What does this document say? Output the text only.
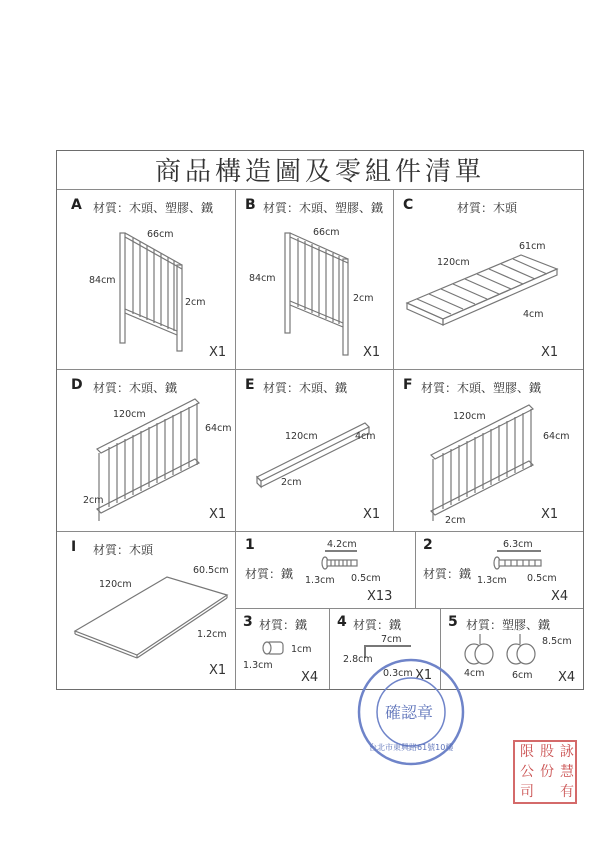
商品構造圖及零組件清單
A 材質：木頭、塑膠、鐵
66cm
84cm
2cm
X1
B 材質：木頭、塑膠、鐵
66cm
84cm
2cm
X1
C	材質：木頭
61cm
120cm
4cm
X1
D 材質：木頭、鐵
120cm
64cm
2cm
X1
E 材質：木頭、鐵
120cm	4cm
2cm
X1
F 材質：木頭、塑膠、鐵
120cm
64cm
2cm	X1
I 材質：木頭
60.5cm
120cm
1.2cm
X1
1
材質：鐵
4.2cm
1.3cm 0.5cm
X13
2
材質：鐵
6.3cm
1.3cm 0.5cm
X4
3 材質：鐵
1cm
1.3cm
X4
4 材質：鐵
7cm
2.8cm
0.3cm X1
5 材質：塑膠、鐵
8.5cm
4cm	6cm X4
確認章
台北市東興路61號10樓	詠
股
限
慧
份
公
有
司
